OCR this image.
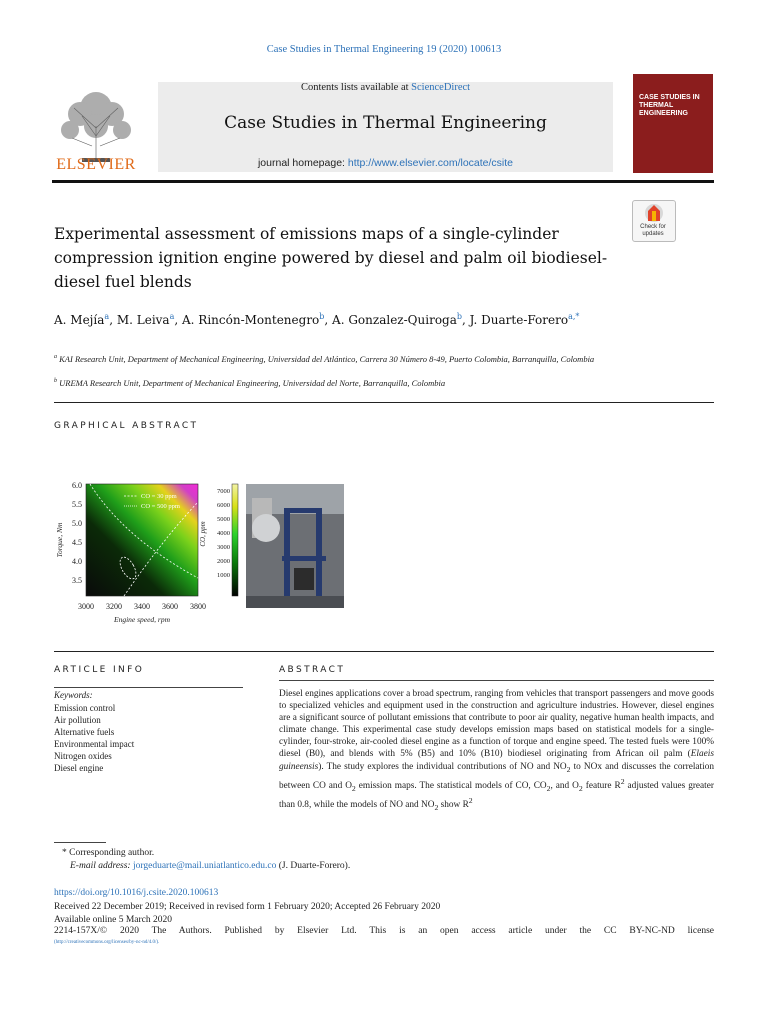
Case Studies in Thermal Engineering 19 (2020) 100613
ELSEVIER
Contents lists available at ScienceDirect
Case Studies in Thermal Engineering
journal homepage: http://www.elsevier.com/locate/csite
CASE STUDIES IN THERMAL ENGINEERING
Check for updates
Experimental assessment of emissions maps of a single-cylinder compression ignition engine powered by diesel and palm oil biodiesel-diesel fuel blends
A. Mejía$^a$, M. Leiva$^a$, A. Rincón-Montenegro$^b$, A. Gonzalez-Quiroga$^b$, J. Duarte-Forero$^{a,*}$
$^a$ KAI Research Unit, Department of Mechanical Engineering, Universidad del Atlántico, Carrera 30 Número 8-49, Puerto Colombia, Barranquilla, Colombia
$^b$ UREMA Research Unit, Department of Mechanical Engineering, Universidad del Norte, Barranquilla, Colombia
GRAPHICAL ABSTRACT
CO = 30 ppm
CO = 500 ppm
6.0
5.5
5.0
4.5
4.0
3.5
Torque, Nm
3000 3200 3400 3600 3800
Engine speed, rpm
7000
6000
5000
4000
3000
2000
1000
CO, ppm
ARTICLE INFO
Keywords:
Emission control
Air pollution
Alternative fuels
Environmental impact
Nitrogen oxides
Diesel engine
ABSTRACT
Diesel engines applications cover a broad spectrum, ranging from vehicles that transport passengers and move goods to specialized vehicles and equipment used in the construction and agriculture industries. However, diesel engines are a significant source of pollutant emissions that contribute to poor air quality, negative human health impacts, and climate change. This experimental case study develops emission maps based on statistical models for a single-cylinder, four-stroke, air-cooled diesel engine as a function of torque and engine speed. The tested fuels were 100% diesel (B0), and blends with 5% (B5) and 10% (B10) biodiesel originating from African oil palm (Elaeis guineensis). The study explores the individual contributions of NO and $NO_2$ to NOx and discusses the correlation between CO and $O_2$ emission maps. The statistical models of CO, $CO_2$, and $O_2$ feature $R^2$ adjusted values greater than 0.8, while the models of NO and $NO_2$ show $R^2$
* Corresponding author.
E-mail address: jorgeduarte@mail.uniatlantico.edu.co (J. Duarte-Forero).
https://doi.org/10.1016/j.csite.2020.100613
Received 22 December 2019; Received in revised form 1 February 2020; Accepted 26 February 2020
Available online 5 March 2020
2214-157X/© 2020 The Authors. Published by Elsevier Ltd. This is an open access article under the CC BY-NC-ND license
(http://creativecommons.org/licenses/by-nc-nd/4.0/).
